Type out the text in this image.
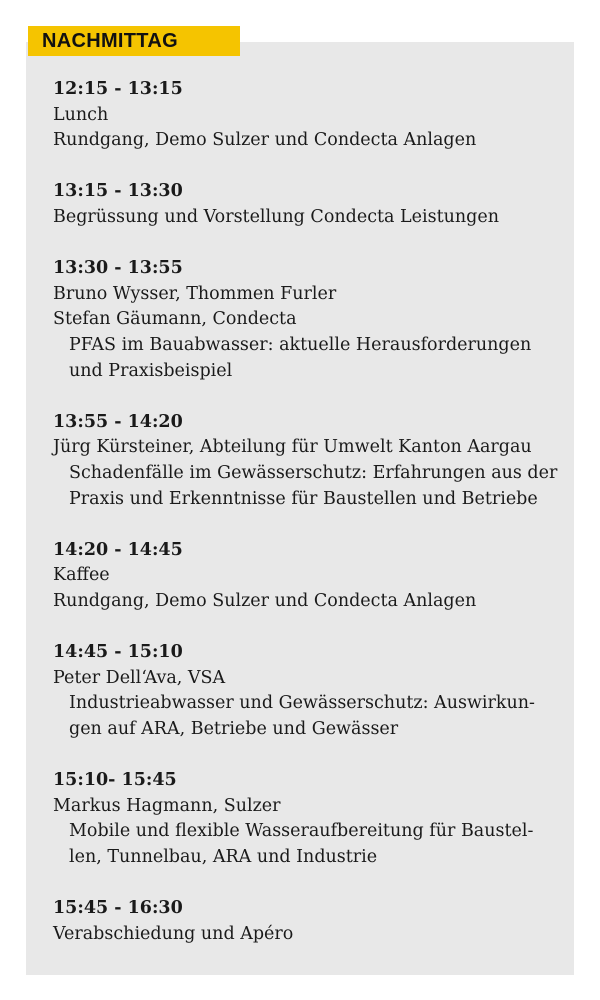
NACHMITTAG
12:15 - 13:15
Lunch
Rundgang, Demo Sulzer und Condecta Anlagen
13:15 - 13:30
Begrüssung und Vorstellung Condecta Leistungen
13:30 - 13:55
Bruno Wysser, Thommen Furler
Stefan Gäumann, Condecta
PFAS im Bauabwasser: aktuelle Herausforderungen
und Praxisbeispiel
13:55 - 14:20
Jürg Kürsteiner, Abteilung für Umwelt Kanton Aargau
Schadenfälle im Gewässerschutz: Erfahrungen aus der
Praxis und Erkenntnisse für Baustellen und Betriebe
14:20 - 14:45
Kaffee
Rundgang, Demo Sulzer und Condecta Anlagen
14:45 - 15:10
Peter Dell‘Ava, VSA
Industrieabwasser und Gewässerschutz: Auswirkun-
gen auf ARA, Betriebe und Gewässer
15:10- 15:45
Markus Hagmann, Sulzer
Mobile und flexible Wasseraufbereitung für Baustel-
len, Tunnelbau, ARA und Industrie
15:45 - 16:30
Verabschiedung und Apéro
